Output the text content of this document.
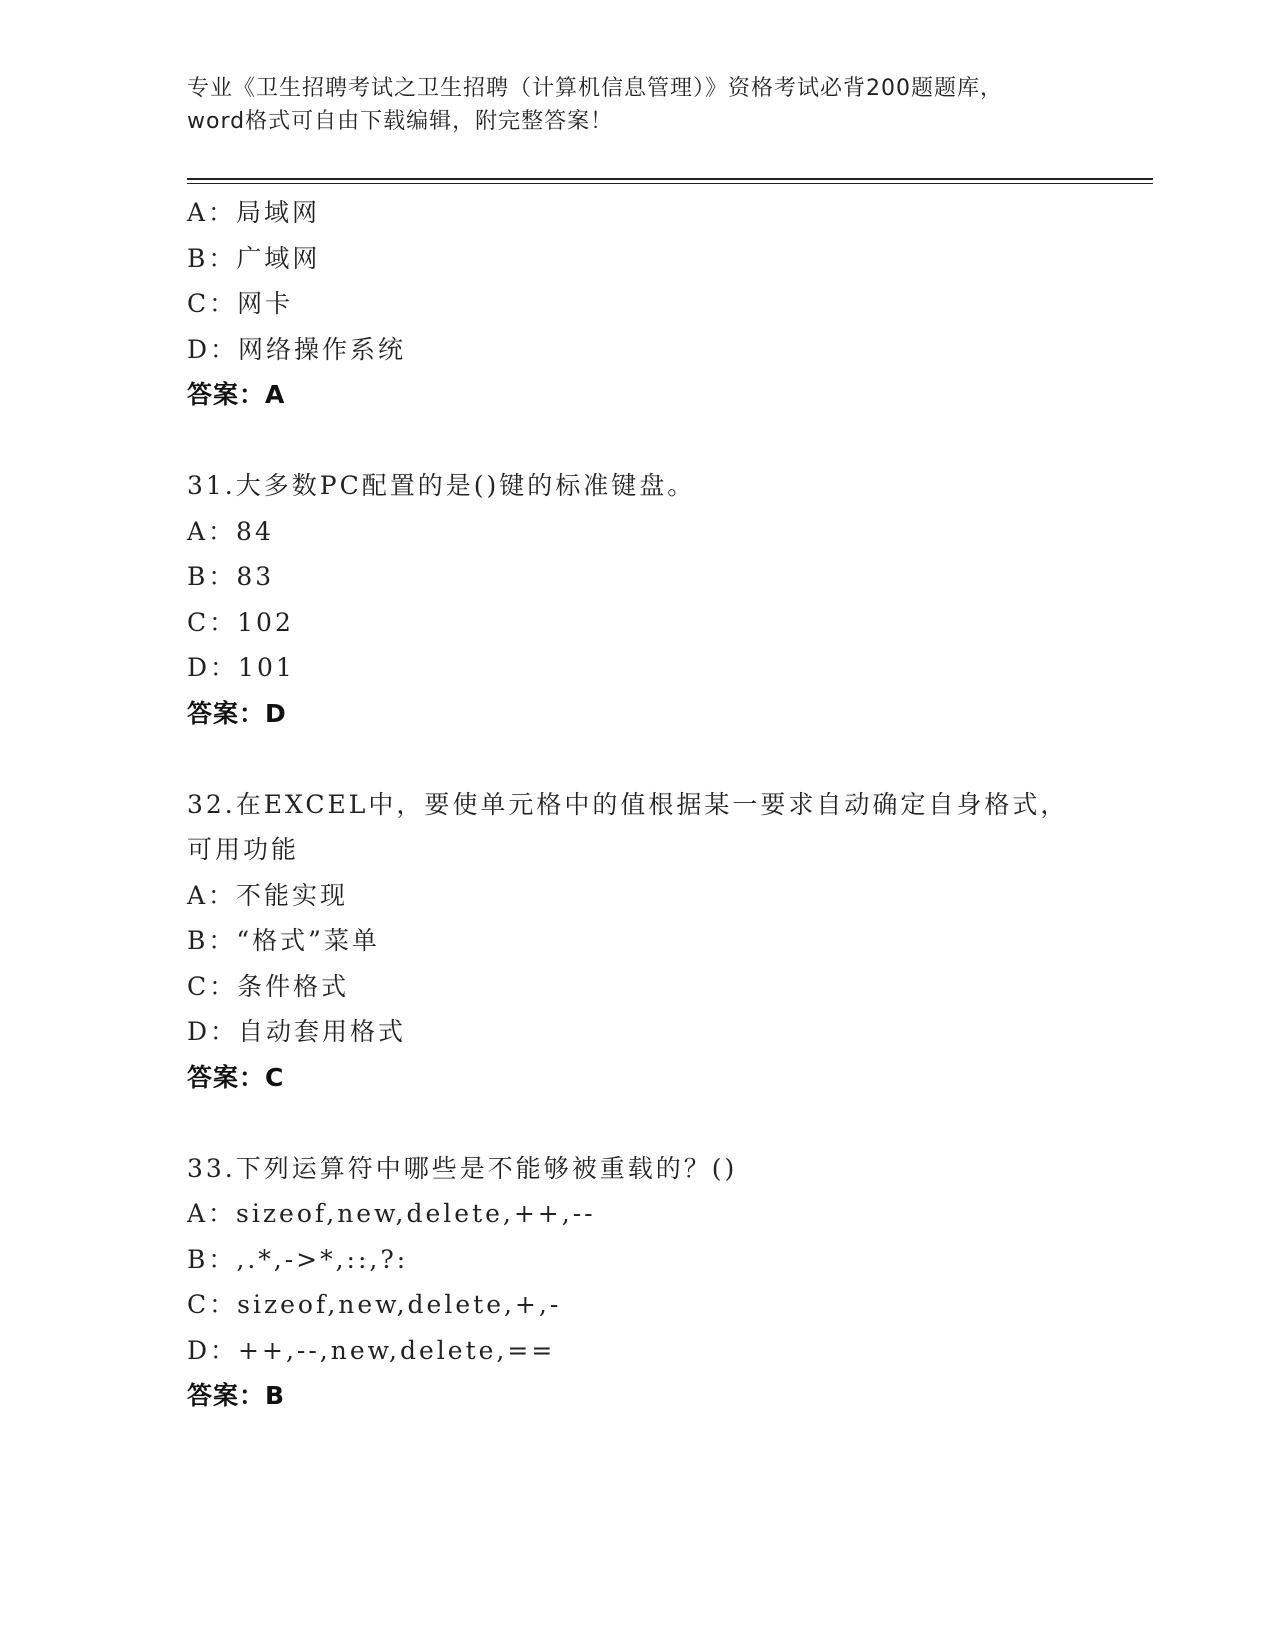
专业《卫生招聘考试之卫生招聘（计算机信息管理）》资格考试必背200题题库，
word格式可自由下载编辑，附完整答案！
A：局域网
B：广域网
C：网卡
D：网络操作系统
答案：A
31.大多数PC配置的是()键的标准键盘。
A：84
B：83
C：102
D：101
答案：D
32.在EXCEL中，要使单元格中的值根据某一要求自动确定自身格式，
可用功能
A：不能实现
B：“格式”菜单
C：条件格式
D：自动套用格式
答案：C
33.下列运算符中哪些是不能够被重载的？()
A：sizeof,new,delete,++,--
B：,.*,->*,::,?:
C：sizeof,new,delete,+,-
D：++,--,new,delete,==
答案：B
